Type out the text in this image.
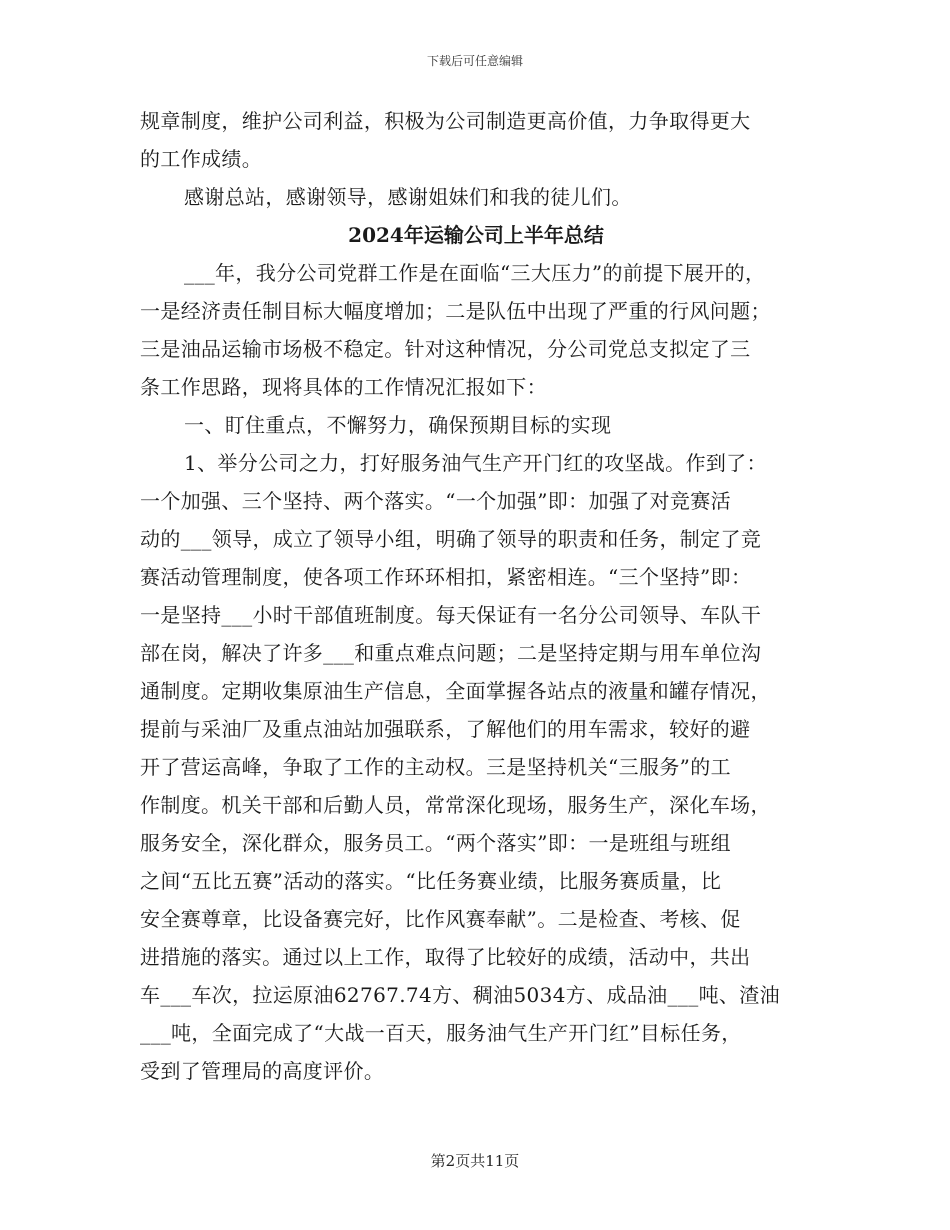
下载后可任意编辑
规章制度，维护公司利益，积极为公司制造更高价值，力争取得更大
的工作成绩。
感谢总站，感谢领导，感谢姐妹们和我的徒儿们。
2024年运输公司上半年总结
___年，我分公司党群工作是在面临“三大压力”的前提下展开的，
一是经济责任制目标大幅度增加；二是队伍中出现了严重的行风问题；
三是油品运输市场极不稳定。针对这种情况，分公司党总支拟定了三
条工作思路，现将具体的工作情况汇报如下：
一、盯住重点，不懈努力，确保预期目标的实现
1、举分公司之力，打好服务油气生产开门红的攻坚战。作到了：
一个加强、三个坚持、两个落实。“一个加强”即：加强了对竞赛活
动的___领导，成立了领导小组，明确了领导的职责和任务，制定了竞
赛活动管理制度，使各项工作环环相扣，紧密相连。“三个坚持”即：
一是坚持___小时干部值班制度。每天保证有一名分公司领导、车队干
部在岗，解决了许多___和重点难点问题；二是坚持定期与用车单位沟
通制度。定期收集原油生产信息，全面掌握各站点的液量和罐存情况，
提前与采油厂及重点油站加强联系，了解他们的用车需求，较好的避
开了营运高峰，争取了工作的主动权。三是坚持机关“三服务”的工
作制度。机关干部和后勤人员，常常深化现场，服务生产，深化车场，
服务安全，深化群众，服务员工。“两个落实”即：一是班组与班组
之间“五比五赛”活动的落实。“比任务赛业绩，比服务赛质量，比
安全赛尊章，比设备赛完好，比作风赛奉献”。二是检查、考核、促
进措施的落实。通过以上工作，取得了比较好的成绩，活动中，共出
车___车次，拉运原油62767.74方、稠油5034方、成品油___吨、渣油
___吨，全面完成了“大战一百天，服务油气生产开门红”目标任务，
受到了管理局的高度评价。
第2页共11页
